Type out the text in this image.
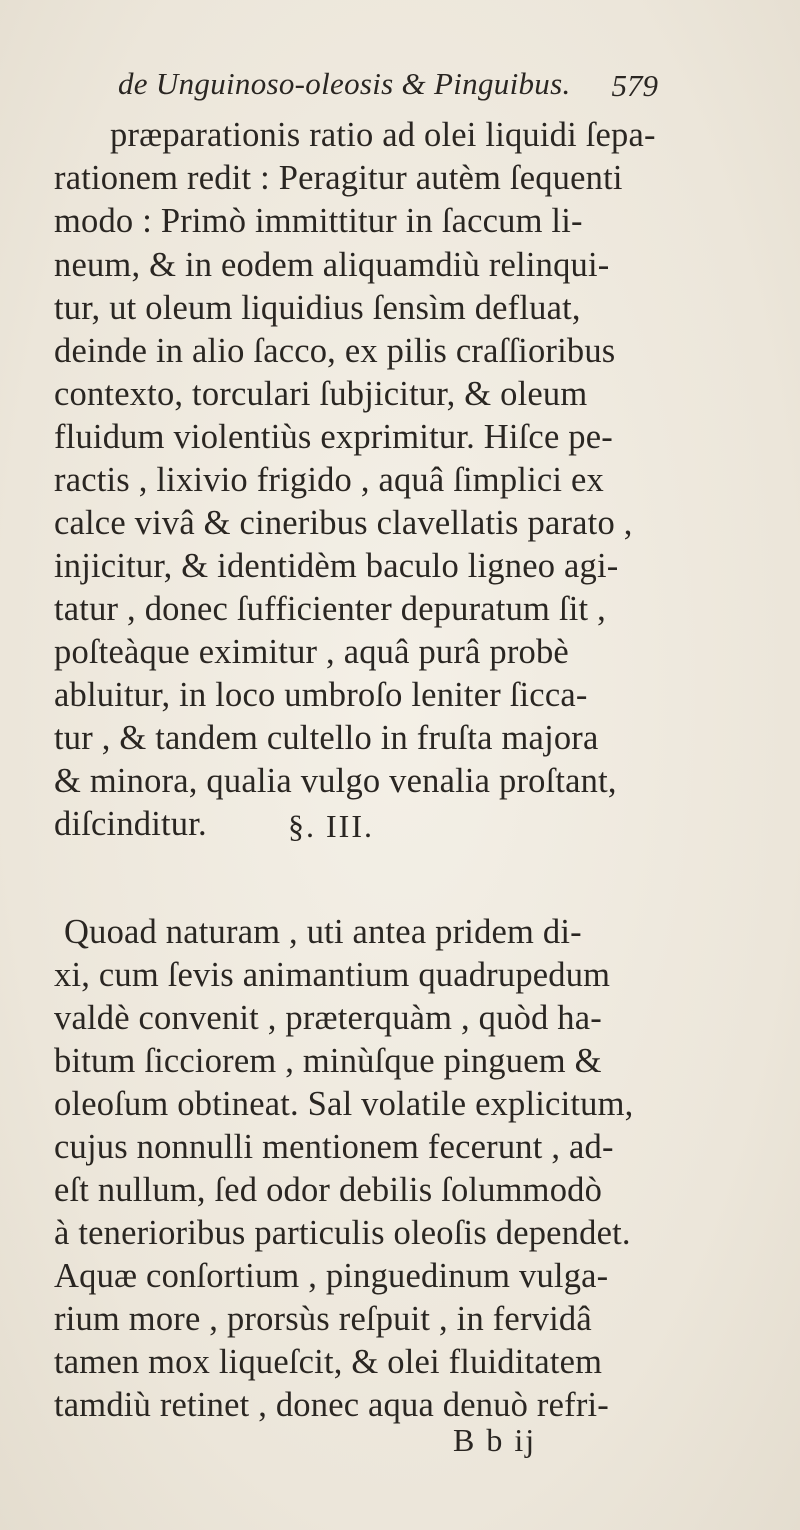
de Unguinoso-oleosis & Pinguibus. 579
præparationis ratio ad olei liquidi ſepa-
rationem redit : Peragitur autèm ſequenti
modo : Primò immittitur in ſaccum li-
neum, & in eodem aliquamdiù relinqui-
tur, ut oleum liquidius ſensìm defluat,
deinde in alio ſacco, ex pilis craſſioribus
contexto, torculari ſubjicitur, & oleum
fluidum violentiùs exprimitur. Hiſce pe-
ractis , lixivio frigido , aquâ ſimplici ex
calce vivâ & cineribus clavellatis parato ,
injicitur, & identidèm baculo ligneo agi-
tatur , donec ſufficienter depuratum ſit ,
poſteàque eximitur , aquâ purâ probè
abluitur, in loco umbroſo leniter ſicca-
tur , & tandem cultello in fruſta majora
& minora, qualia vulgo venalia proſtant,
diſcinditur.	§. III.
Quoad naturam , uti antea pridem di-
xi, cum ſevis animantium quadrupedum
valdè convenit , præterquàm , quòd ha-
bitum ſicciorem , minùſque pinguem &
oleoſum obtineat. Sal volatile explicitum,
cujus nonnulli mentionem fecerunt , ad-
eſt nullum, ſed odor debilis ſolummodò
à tenerioribus particulis oleoſis dependet.
Aquæ conſortium , pinguedinum vulga-
rium more , prorsùs reſpuit , in fervidâ
tamen mox liqueſcit, & olei fluiditatem
tamdiù retinet , donec aqua denuò refri-
B b ij
